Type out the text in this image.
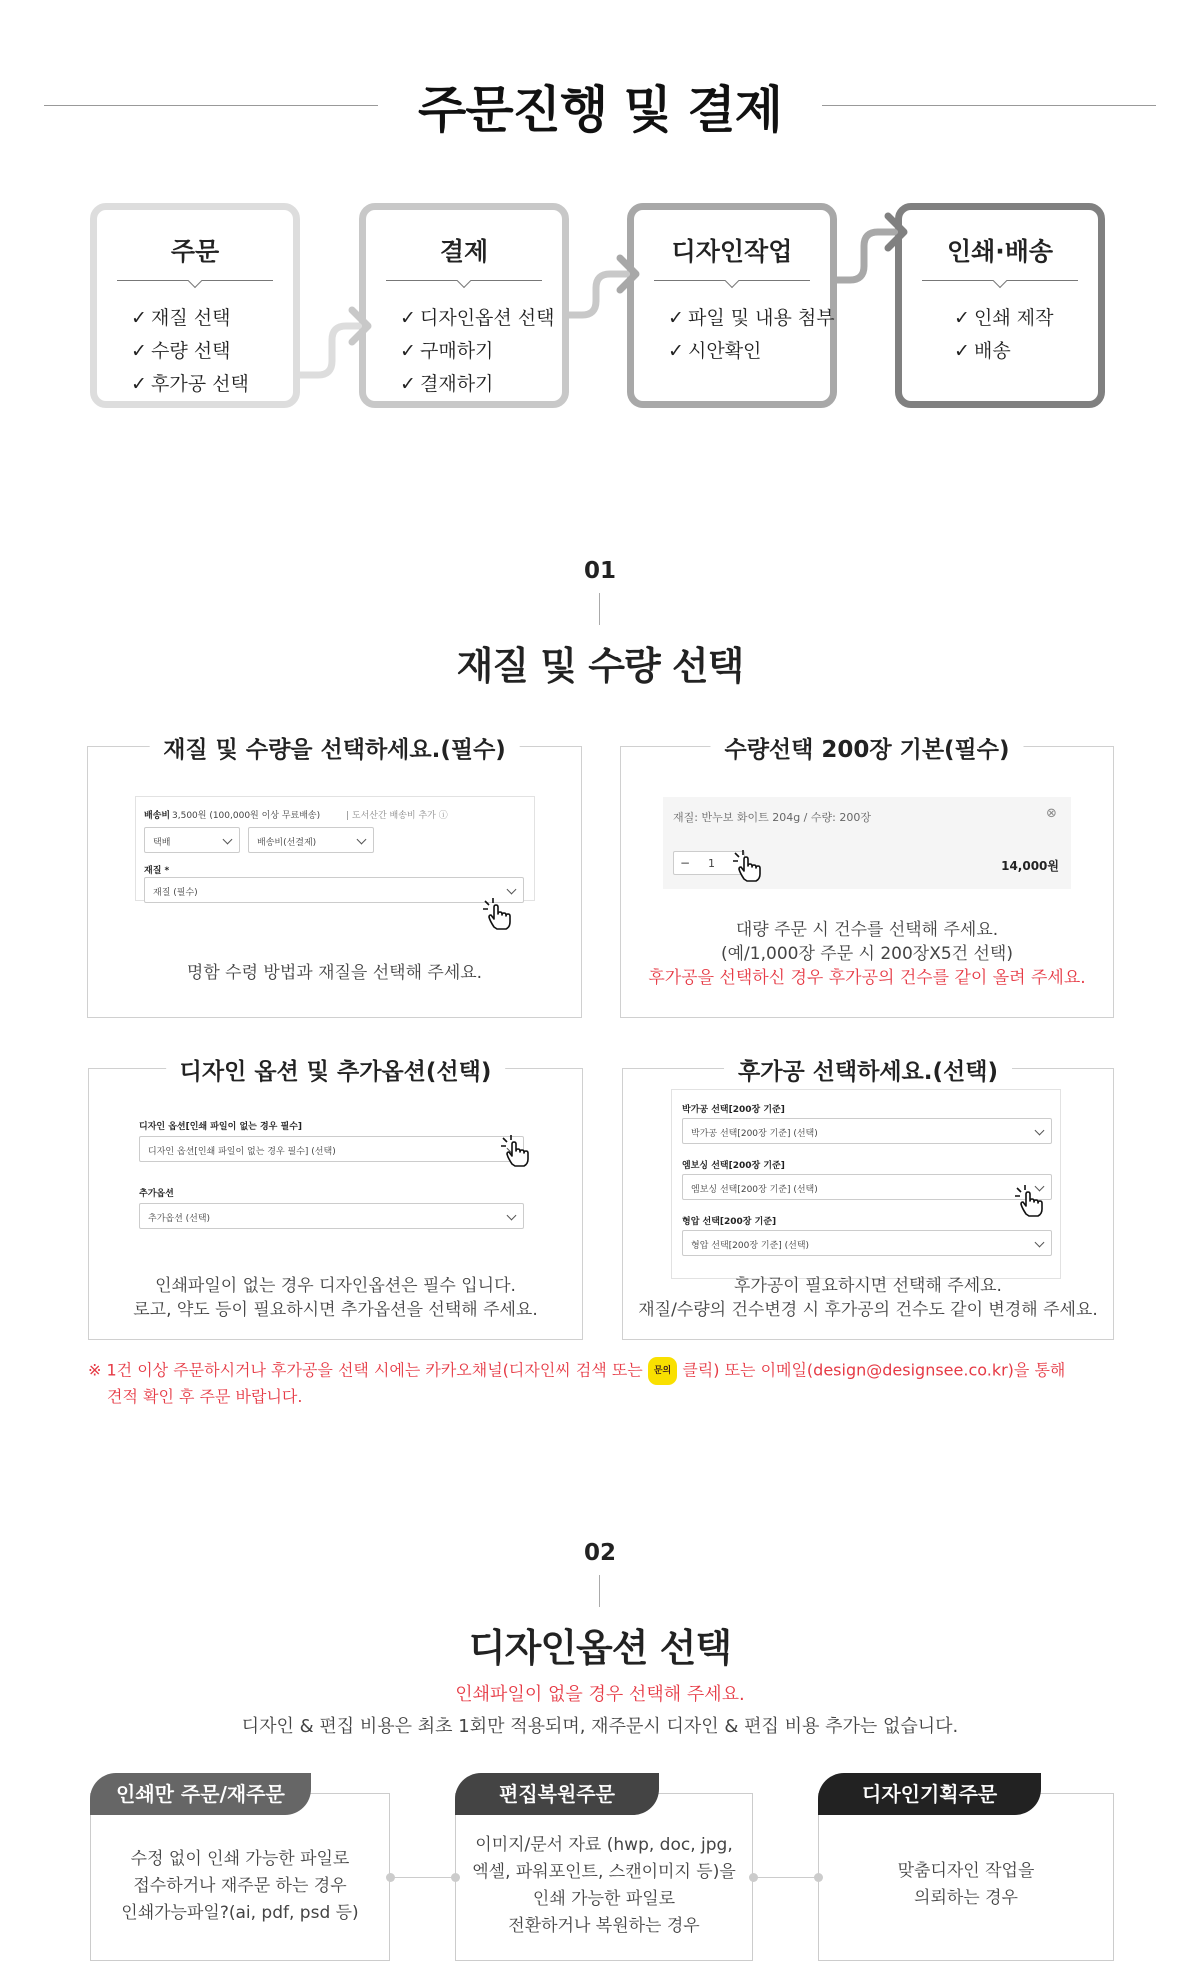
주문진행 및 결제
주문
✓ 재질 선택
✓ 수량 선택
✓ 후가공 선택
결제
✓ 디자인옵션 선택
✓ 구매하기
✓ 결재하기
디자인작업
✓ 파일 및 내용 첨부
✓ 시안확인
인쇄·배송
✓ 인쇄 제작
✓ 배송
01
재질 및 수량 선택
재질 및 수량을 선택하세요.(필수)
배송비 3,500원 (100,000원 이상 무료배송)	| 도서산간 배송비 추가 ⓘ
택배	배송비(선결제)
재질 *
재질 (필수)
명함 수령 방법과 재질을 선택해 주세요.
수량선택 200장 기본(필수)
재질: 반누보 화이트 204g / 수량: 200장	⊗
− 1	14,000원
대량 주문 시 건수를 선택해 주세요.
(예/1,000장 주문 시 200장X5건 선택)
후가공을 선택하신 경우 후가공의 건수를 같이 올려 주세요.
디자인 옵션 및 추가옵션(선택)
디자인 옵션[인쇄 파일이 없는 경우 필수]
디자인 옵션[인쇄 파일이 없는 경우 필수] (선택)
추가옵션
추가옵션 (선택)
인쇄파일이 없는 경우 디자인옵션은 필수 입니다.
로고, 약도 등이 필요하시면 추가옵션을 선택해 주세요.
후가공 선택하세요.(선택)
박가공 선택[200장 기준]
박가공 선택[200장 기준] (선택)
엠보싱 선택[200장 기준]
엠보싱 선택[200장 기준] (선택)
형압 선택[200장 기준]
형압 선택[200장 기준] (선택)
후가공이 필요하시면 선택해 주세요.
재질/수량의 건수변경 시 후가공의 건수도 같이 변경해 주세요.
※ 1건 이상 주문하시거나 후가공을 선택 시에는 카카오채널(디자인씨 검색 또는 문의 클릭) 또는 이메일(design@designsee.co.kr)을 통해
견적 확인 후 주문 바랍니다.
02
디자인옵션 선택
인쇄파일이 없을 경우 선택해 주세요.
디자인 & 편집 비용은 최초 1회만 적용되며, 재주문시 디자인 & 편집 비용 추가는 없습니다.
인쇄만 주문/재주문
수정 없이 인쇄 가능한 파일로
접수하거나 재주문 하는 경우
인쇄가능파일?(ai, pdf, psd 등)
편집복원주문
이미지/문서 자료 (hwp, doc, jpg,
엑셀, 파워포인트, 스캔이미지 등)을
인쇄 가능한 파일로
전환하거나 복원하는 경우
디자인기획주문
맞춤디자인 작업을
의뢰하는 경우
